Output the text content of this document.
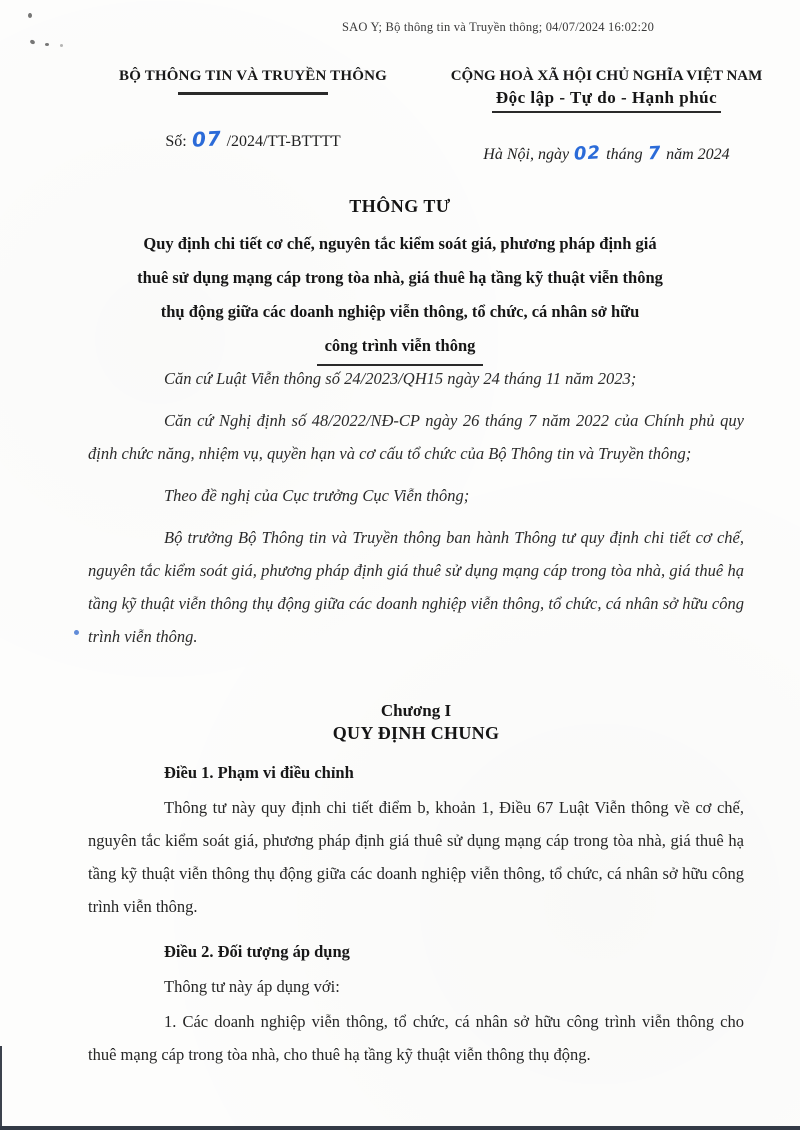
SAO Y; Bộ thông tin và Truyền thông; 04/07/2024 16:02:20
BỘ THÔNG TIN VÀ TRUYỀN THÔNG
Số: 07 /2024/TT-BTTTT
CỘNG HOÀ XÃ HỘI CHỦ NGHĨA VIỆT NAM
Độc lập - Tự do - Hạnh phúc
Hà Nội, ngày 02 tháng 7 năm 2024
THÔNG TƯ
Quy định chi tiết cơ chế, nguyên tắc kiểm soát giá, phương pháp định giá
thuê sử dụng mạng cáp trong tòa nhà, giá thuê hạ tầng kỹ thuật viễn thông
thụ động giữa các doanh nghiệp viễn thông, tổ chức, cá nhân sở hữu
công trình viễn thông

Căn cứ Luật Viễn thông số 24/2023/QH15 ngày 24 tháng 11 năm 2023;

Căn cứ Nghị định số 48/2022/NĐ-CP ngày 26 tháng 7 năm 2022 của Chính phủ quy định chức năng, nhiệm vụ, quyền hạn và cơ cấu tổ chức của Bộ Thông tin và Truyền thông;

Theo đề nghị của Cục trưởng Cục Viễn thông;

Bộ trưởng Bộ Thông tin và Truyền thông ban hành Thông tư quy định chi tiết cơ chế, nguyên tắc kiểm soát giá, phương pháp định giá thuê sử dụng mạng cáp trong tòa nhà, giá thuê hạ tầng kỹ thuật viễn thông thụ động giữa các doanh nghiệp viễn thông, tổ chức, cá nhân sở hữu công trình viễn thông.

Chương I
QUY ĐỊNH CHUNG
Điều 1. Phạm vi điều chỉnh

Thông tư này quy định chi tiết điểm b, khoản 1, Điều 67 Luật Viễn thông về cơ chế, nguyên tắc kiểm soát giá, phương pháp định giá thuê sử dụng mạng cáp trong tòa nhà, giá thuê hạ tầng kỹ thuật viễn thông thụ động giữa các doanh nghiệp viễn thông, tổ chức, cá nhân sở hữu công trình viễn thông.

Điều 2. Đối tượng áp dụng

Thông tư này áp dụng với:

1. Các doanh nghiệp viễn thông, tổ chức, cá nhân sở hữu công trình viễn thông cho thuê mạng cáp trong tòa nhà, cho thuê hạ tầng kỹ thuật viễn thông thụ động.
